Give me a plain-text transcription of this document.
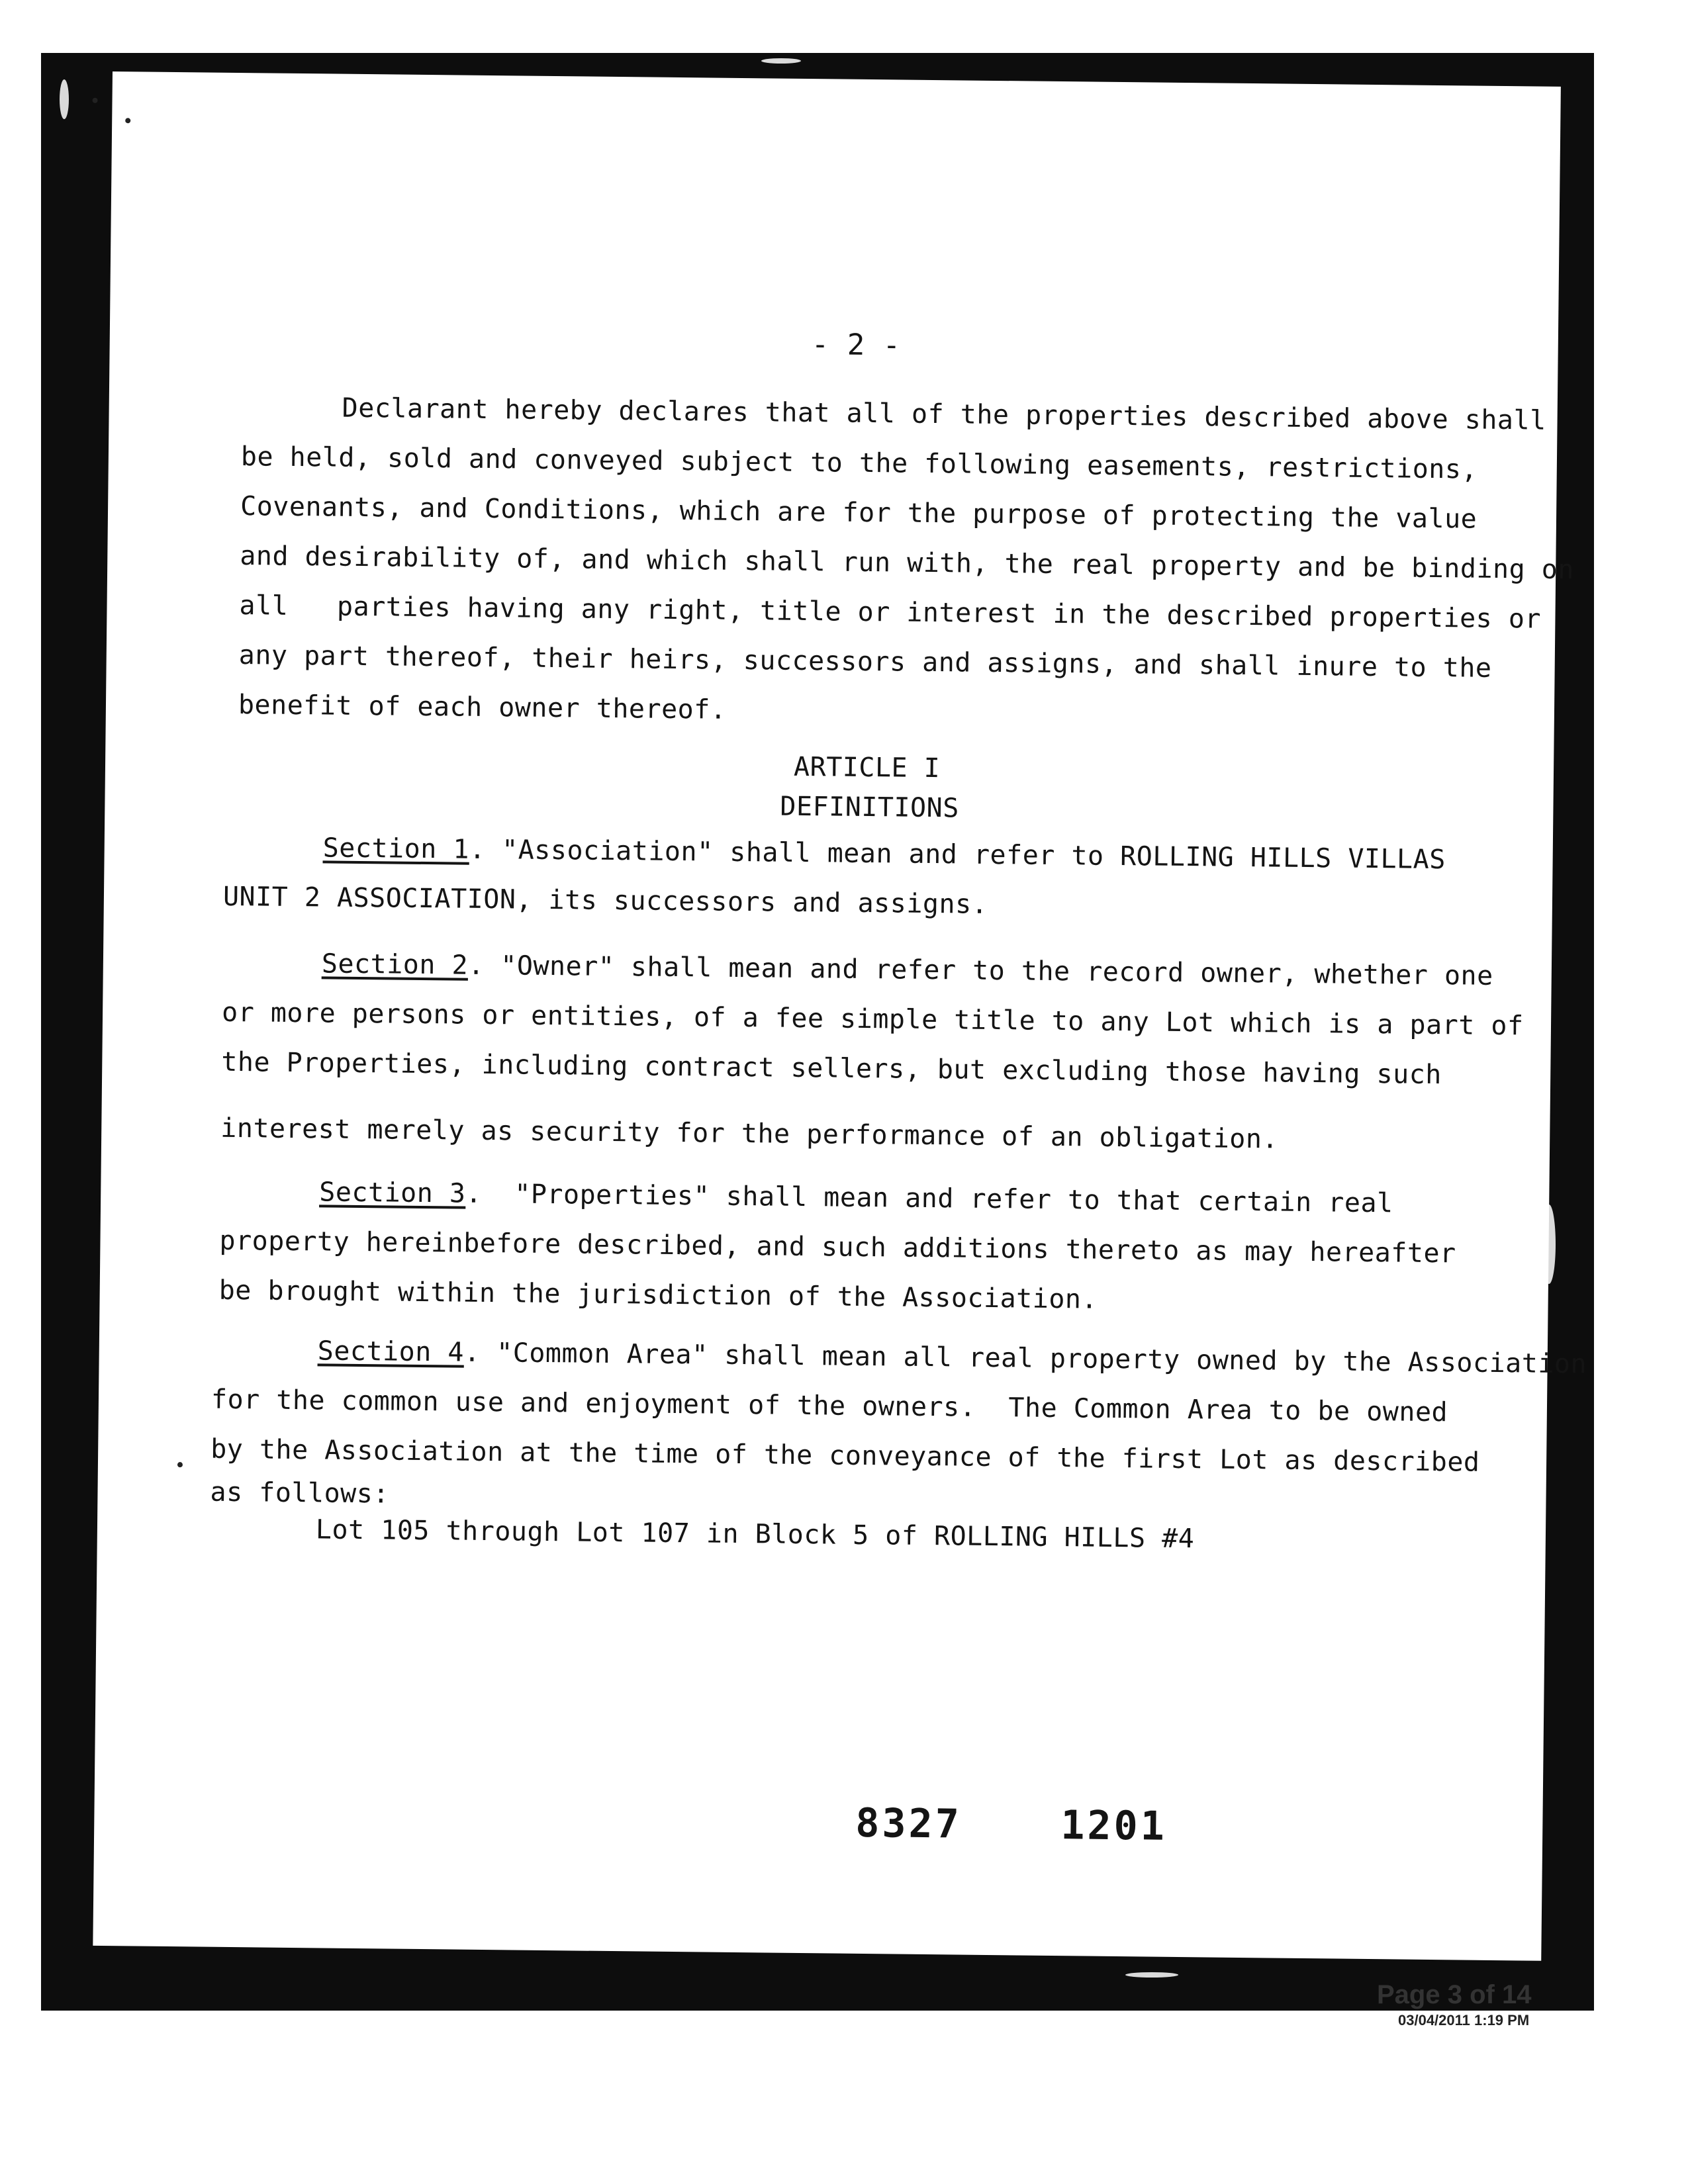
- 2 -
Declarant hereby declares that all of the properties described above shall
be held, sold and conveyed subject to the following easements, restrictions,
Covenants, and Conditions, which are for the purpose of protecting the value
and desirability of, and which shall run with, the real property and be binding on
all   parties having any right, title or interest in the described properties or
any part thereof, their heirs, successors and assigns, and shall inure to the
benefit of each owner thereof.
ARTICLE I
DEFINITIONS
Section 1. "Association" shall mean and refer to ROLLING HILLS VILLAS
UNIT 2 ASSOCIATION, its successors and assigns.
Section 2. "Owner" shall mean and refer to the record owner, whether one
or more persons or entities, of a fee simple title to any Lot which is a part of
the Properties, including contract sellers, but excluding those having such
interest merely as security for the performance of an obligation.
Section 3.  "Properties" shall mean and refer to that certain real
property hereinbefore described, and such additions thereto as may hereafter
be brought within the jurisdiction of the Association.
Section 4. "Common Area" shall mean all real property owned by the Association
for the common use and enjoyment of the owners.  The Common Area to be owned
by the Association at the time of the conveyance of the first Lot as described
as follows:
Lot 105 through Lot 107 in Block 5 of ROLLING HILLS #4
8327 1201
Page 3 of 14
03/04/2011 1:19 PM
